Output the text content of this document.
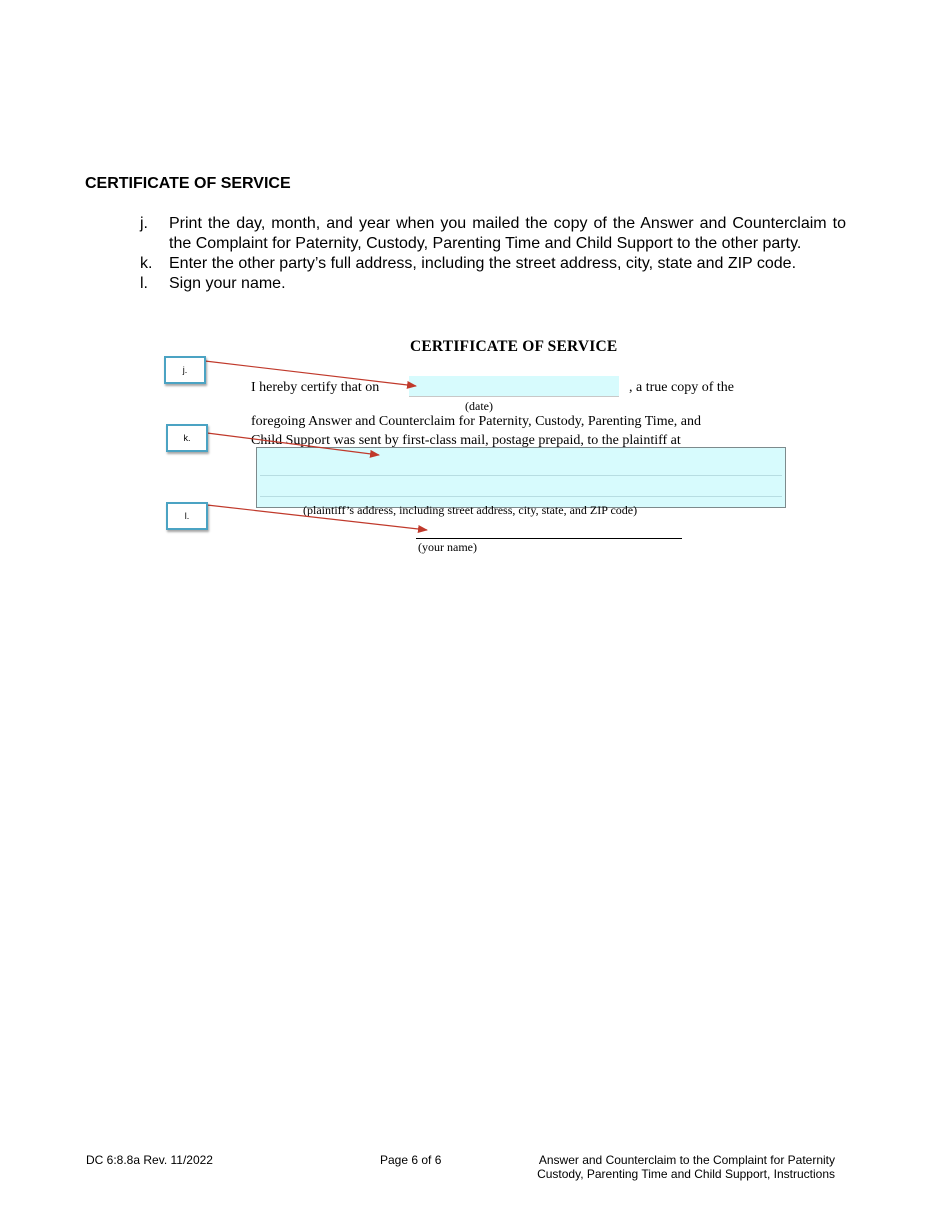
CERTIFICATE OF SERVICE
j.	Print the day, month, and year when you mailed the copy of the Answer and Counterclaim to the Complaint for Paternity, Custody, Parenting Time and Child Support to the other party.
k.	Enter the other party’s full address, including the street address, city, state and ZIP code.
l.	Sign your name.
CERTIFICATE OF SERVICE
I hereby certify that on	, a true copy of the
(date)
foregoing Answer and Counterclaim for Paternity, Custody, Parenting Time, and
Child Support was sent by first-class mail, postage prepaid, to the plaintiff at
(plaintiff’s address, including street address, city, state, and ZIP code)
(your name)
j.
k.
l.
DC 6:8.8a Rev. 11/2022	Page 6 of 6	Answer and Counterclaim to the Complaint for Paternity
Custody, Parenting Time and Child Support, Instructions
